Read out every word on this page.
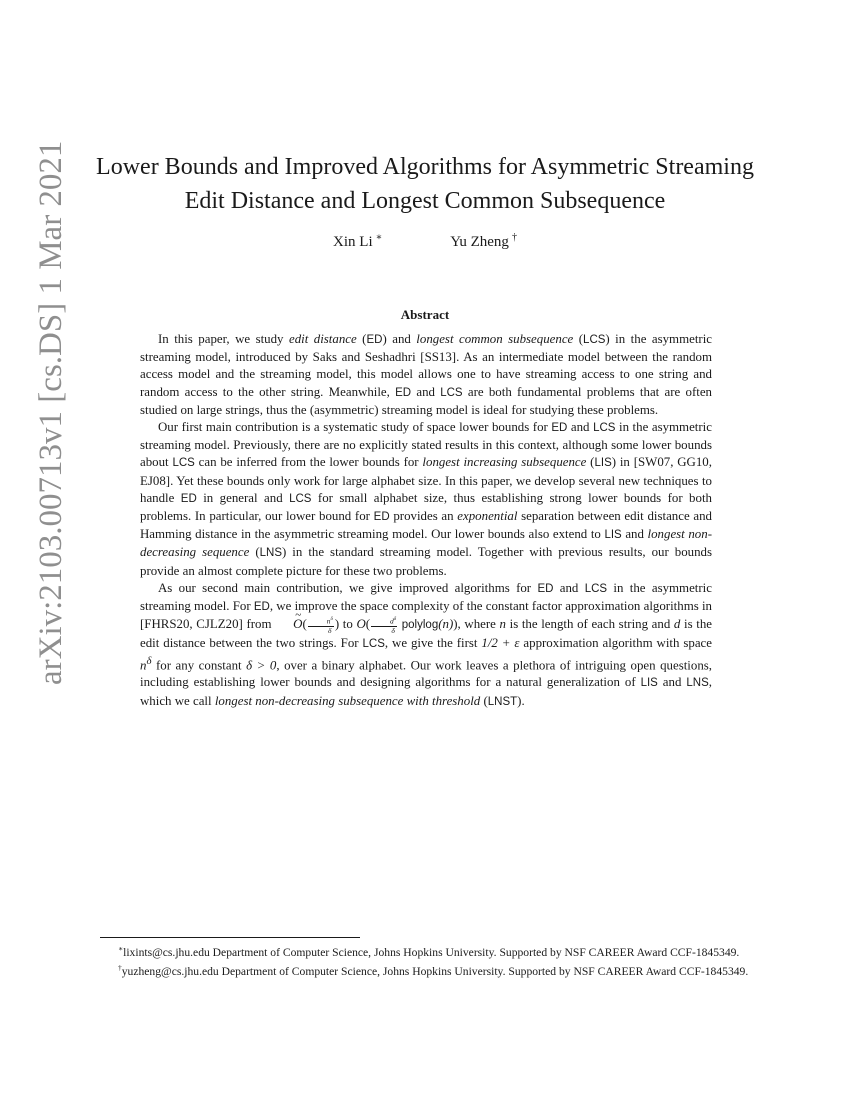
arXiv:2103.00713v1 [cs.DS] 1 Mar 2021	Lower Bounds and Improved Algorithms for Asymmetric Streaming
Edit Distance and Longest Common Subsequence
Xin Li ∗	Yu Zheng †
Abstract

In this paper, we study edit distance (ED) and longest common subsequence (LCS) in the asymmetric streaming model, introduced by Saks and Seshadhri [SS13]. As an intermediate model between the random access model and the streaming model, this model allows one to have streaming access to one string and random access to the other string. Meanwhile, ED and LCS are both fundamental problems that are often studied on large strings, thus the (asymmetric) streaming model is ideal for studying these problems.

Our first main contribution is a systematic study of space lower bounds for ED and LCS in the asymmetric streaming model. Previously, there are no explicitly stated results in this context, although some lower bounds about LCS can be inferred from the lower bounds for longest increasing subsequence (LIS) in [SW07, GG10, EJ08]. Yet these bounds only work for large alphabet size. In this paper, we develop several new techniques to handle ED in general and LCS for small alphabet size, thus establishing strong lower bounds for both problems. In particular, our lower bound for ED provides an exponential separation between edit distance and Hamming distance in the asymmetric streaming model. Our lower bounds also extend to LIS and longest non-decreasing sequence (LNS) in the standard streaming model. Together with previous results, our bounds provide an almost complete picture for these two problems.

As our second main contribution, we give improved algorithms for ED and LCS in the asymmetric streaming model. For ED, we improve the space complexity of the constant factor approximation algorithms in [FHRS20, CJLZ20] from ~ $O( \frac{n^\delta}{\delta}$ ) to $O( \frac{d^\delta}{\delta}$ polylog(n)), where n is the length of each string and d is the edit distance between the two strings. For LCS, we give the first 1/2 + ε approximation algorithm with space $n^\delta$ for any constant δ > 0, over a binary alphabet. Our work leaves a plethora of intriguing open questions, including establishing lower bounds and designing algorithms for a natural generalization of LIS and LNS, which we call longest non-decreasing subsequence with threshold (LNST).

∗lixints@cs.jhu.edu Department of Computer Science, Johns Hopkins University. Supported by NSF CAREER Award CCF-1845349.
†yuzheng@cs.jhu.edu Department of Computer Science, Johns Hopkins University. Supported by NSF CAREER Award CCF-1845349.
